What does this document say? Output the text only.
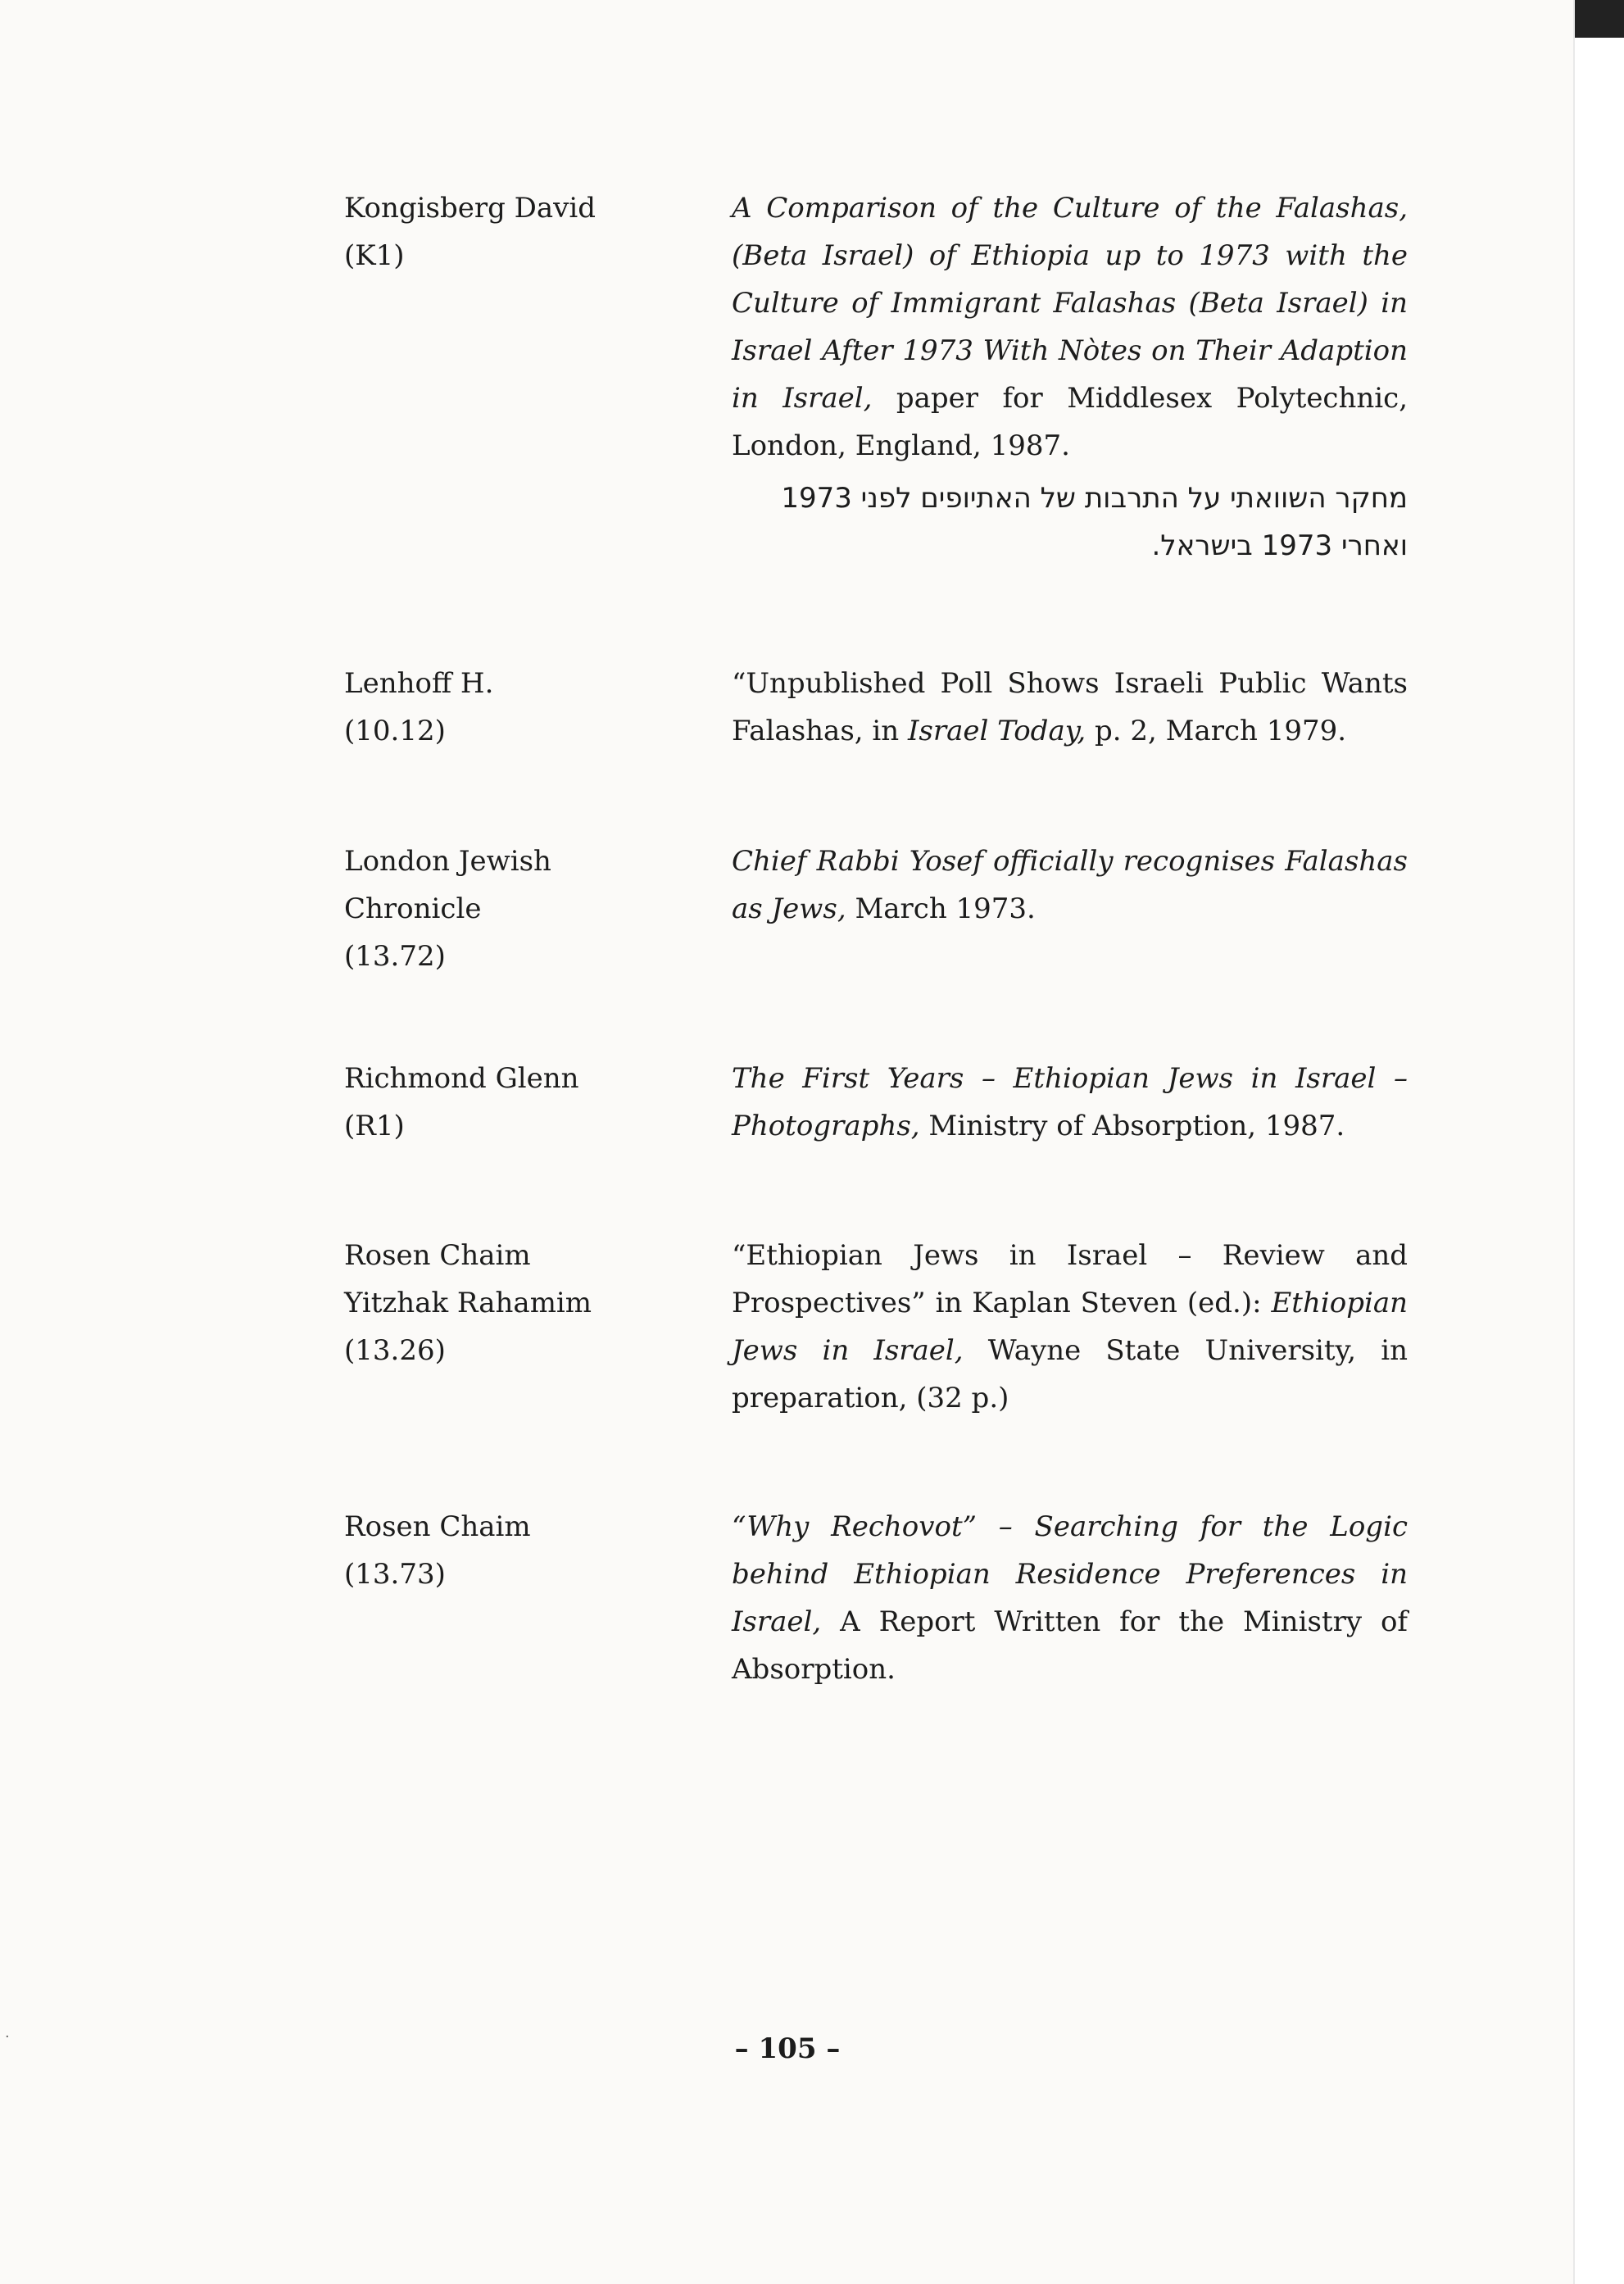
Kongisberg David
(K1)
A Comparison of the Culture of the Falashas, (Beta Israel) of Ethiopia up to 1973 with the Culture of Immigrant Falashas (Beta Israel) in Israel After 1973 With Nòtes on Their Adaption in Israel, paper for Middlesex Polytechnic, London, England, 1987.
מחקר השוואתי על התרבות של האתיופים לפני 1973 ואחרי 1973 בישראל.
Lenhoff H.
(10.12)
“Unpublished Poll Shows Israeli Public Wants Falashas, in Israel Today, p. 2, March 1979.
London Jewish
Chronicle
(13.72)
Chief Rabbi Yosef officially recognises Falashas as Jews, March 1973.
Richmond Glenn
(R1)
The First Years – Ethiopian Jews in Israel – Photographs, Ministry of Absorption, 1987.
Rosen Chaim
Yitzhak Rahamim
(13.26)
“Ethiopian Jews in Israel – Review and Prospectives” in Kaplan Steven (ed.): Ethiopian Jews in Israel, Wayne State University, in preparation, (32 p.)
Rosen Chaim
(13.73)
“Why Rechovot” – Searching for the Logic behind Ethiopian Residence Preferences in Israel, A Report Written for the Ministry of Absorption.
·	– 105 –
